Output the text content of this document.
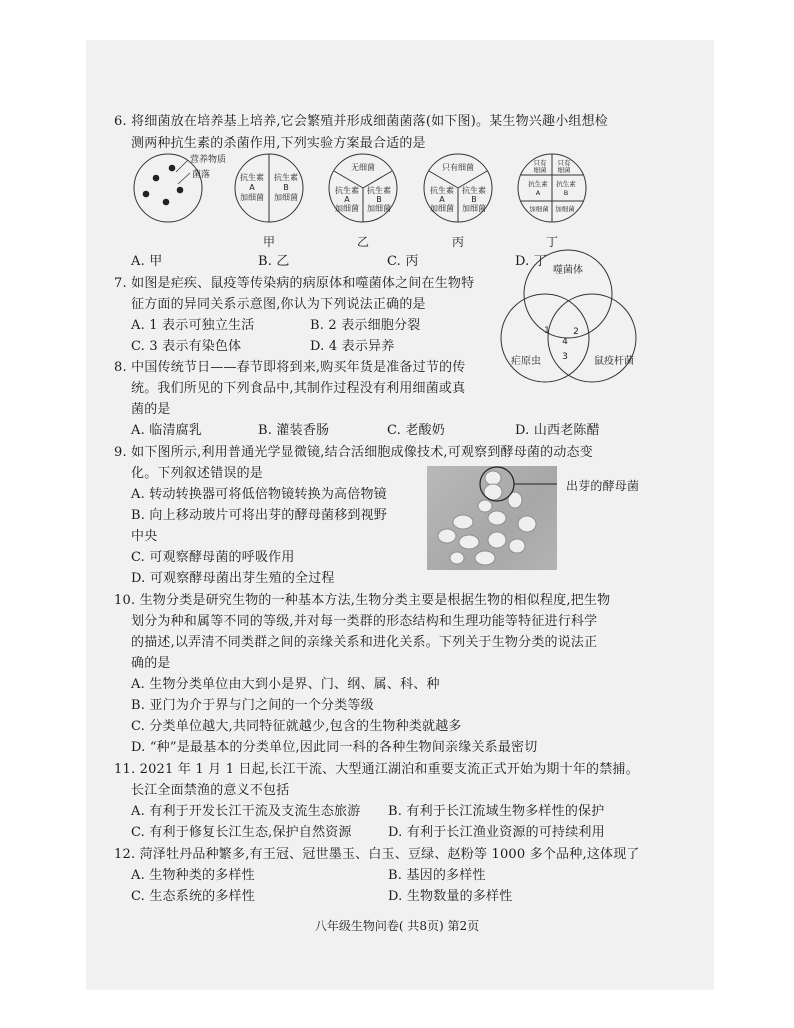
6. 将细菌放在培养基上培养,它会繁殖并形成细菌菌落(如下图)。某生物兴趣小组想检
测两种抗生素的杀菌作用,下列实验方案最合适的是
营养物质
菌落	抗生素
A
加细菌
抗生素
B
加细菌
无细菌
抗生素
A
加细菌
抗生素
B
加细菌
只有细菌
抗生素
A
加细菌
抗生素
B
加细菌
只有
细菌
只有
细菌
抗生素
A
抗生素
B
加细菌 加细菌
甲	乙	丙	丁
A. 甲	B. 乙	C. 丙	D. 丁
7. 如图是疟疾、鼠疫等传染病的病原体和噬菌体之间在生物特
征方面的异同关系示意图,你认为下列说法正确的是
A. 1 表示可独立生活	B. 2 表示细胞分裂
C. 3 表示有染色体	D. 4 表示异养
噬菌体
疟原虫	鼠疫杆菌
1	2
3
4
8. 中国传统节日——春节即将到来,购买年货是准备过节的传
统。我们所见的下列食品中,其制作过程没有利用细菌或真
菌的是
A. 临清腐乳	B. 灌装香肠	C. 老酸奶	D. 山西老陈醋
9. 如下图所示,利用普通光学显微镜,结合活细胞成像技术,可观察到酵母菌的动态变
化。下列叙述错误的是
A. 转动转换器可将低倍物镜转换为高倍物镜
B. 向上移动玻片可将出芽的酵母菌移到视野
中央
C. 可观察酵母菌的呼吸作用
D. 可观察酵母菌出芽生殖的全过程
出芽的酵母菌
10. 生物分类是研究生物的一种基本方法,生物分类主要是根据生物的相似程度,把生物
划分为种和属等不同的等级,并对每一类群的形态结构和生理功能等特征进行科学
的描述,以弄清不同类群之间的亲缘关系和进化关系。下列关于生物分类的说法正
确的是
A. 生物分类单位由大到小是界、门、纲、属、科、种
B. 亚门为介于界与门之间的一个分类等级
C. 分类单位越大,共同特征就越少,包含的生物种类就越多
D. “种”是最基本的分类单位,因此同一科的各种生物间亲缘关系最密切
11. 2021 年 1 月 1 日起,长江干流、大型通江湖泊和重要支流正式开始为期十年的禁捕。
长江全面禁渔的意义不包括
A. 有利于开发长江干流及支流生态旅游 B. 有利于长江流域生物多样性的保护
C. 有利于修复长江生态,保护自然资源	D. 有利于长江渔业资源的可持续利用
12. 菏泽牡丹品种繁多,有王冠、冠世墨玉、白玉、豆绿、赵粉等 1000 多个品种,这体现了
A. 生物种类的多样性	B. 基因的多样性
C. 生态系统的多样性	D. 生物数量的多样性
八年级生物问卷( 共8页) 第2页
